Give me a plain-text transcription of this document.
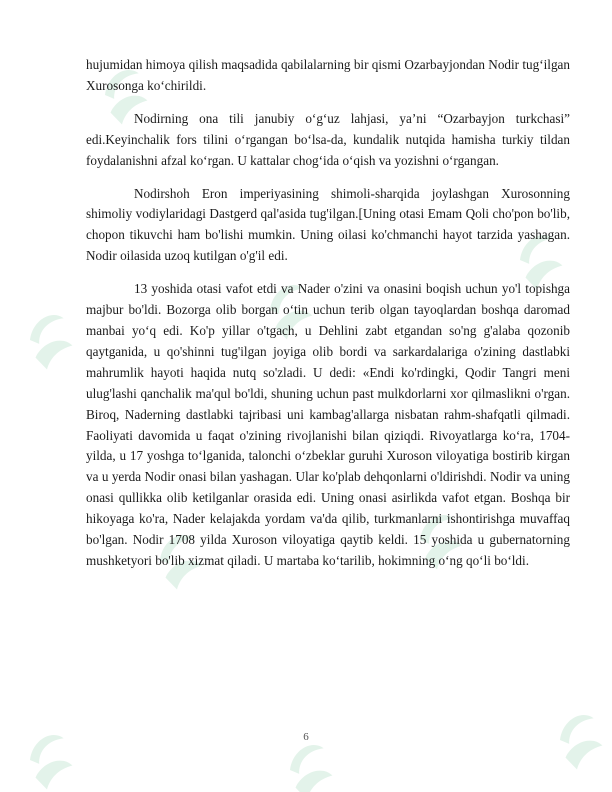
hujumidan himoya qilish maqsadida qabilalarning bir qismi Ozarbayjondan Nodir tug‘ilgan Xurosonga ko‘chirildi.

Nodirning ona tili janubiy o‘g‘uz lahjasi, ya’ni “Ozarbayjon turkchasi” edi.Keyinchalik fors tilini o‘rgangan bo‘lsa-da, kundalik nutqida hamisha turkiy tildan foydalanishni afzal ko‘rgan. U kattalar chog‘ida o‘qish va yozishni o‘rgangan.

Nodirshoh Eron imperiyasining shimoli-sharqida joylashgan Xurosonning shimoliy vodiylaridagi Dastgerd qal'asida tug'ilgan.[Uning otasi Emam Qoli cho'pon bo'lib, chopon tikuvchi ham bo'lishi mumkin. Uning oilasi ko'chmanchi hayot tarzida yashagan. Nodir oilasida uzoq kutilgan o'g'il edi.

13 yoshida otasi vafot etdi va Nader o'zini va onasini boqish uchun yo'l topishga majbur bo'ldi. Bozorga olib borgan o‘tin uchun terib olgan tayoqlardan boshqa daromad manbai yo‘q edi. Ko'p yillar o'tgach, u Dehlini zabt etgandan so'ng g'alaba qozonib qaytganida, u qo'shinni tug'ilgan joyiga olib bordi va sarkardalariga o'zining dastlabki mahrumlik hayoti haqida nutq so'zladi. U dedi: «Endi ko'rdingki, Qodir Tangri meni ulug'lashi qanchalik ma'qul bo'ldi, shuning uchun past mulkdorlarni xor qilmaslikni o'rgan. Biroq, Naderning dastlabki tajribasi uni kambag'allarga nisbatan rahm-shafqatli qilmadi. Faoliyati davomida u faqat o'zining rivojlanishi bilan qiziqdi. Rivoyatlarga ko‘ra, 1704-yilda, u 17 yoshga to‘lganida, talonchi o‘zbeklar guruhi Xuroson viloyatiga bostirib kirgan va u yerda Nodir onasi bilan yashagan. Ular ko'plab dehqonlarni o'ldirishdi. Nodir va uning onasi qullikka olib ketilganlar orasida edi. Uning onasi asirlikda vafot etgan. Boshqa bir hikoyaga ko'ra, Nader kelajakda yordam va'da qilib, turkmanlarni ishontirishga muvaffaq bo'lgan. Nodir 1708 yilda Xuroson viloyatiga qaytib keldi. 15 yoshida u gubernatorning mushketyori bo'lib xizmat qiladi. U martaba ko‘tarilib, hokimning o‘ng qo‘li bo‘ldi.

6
